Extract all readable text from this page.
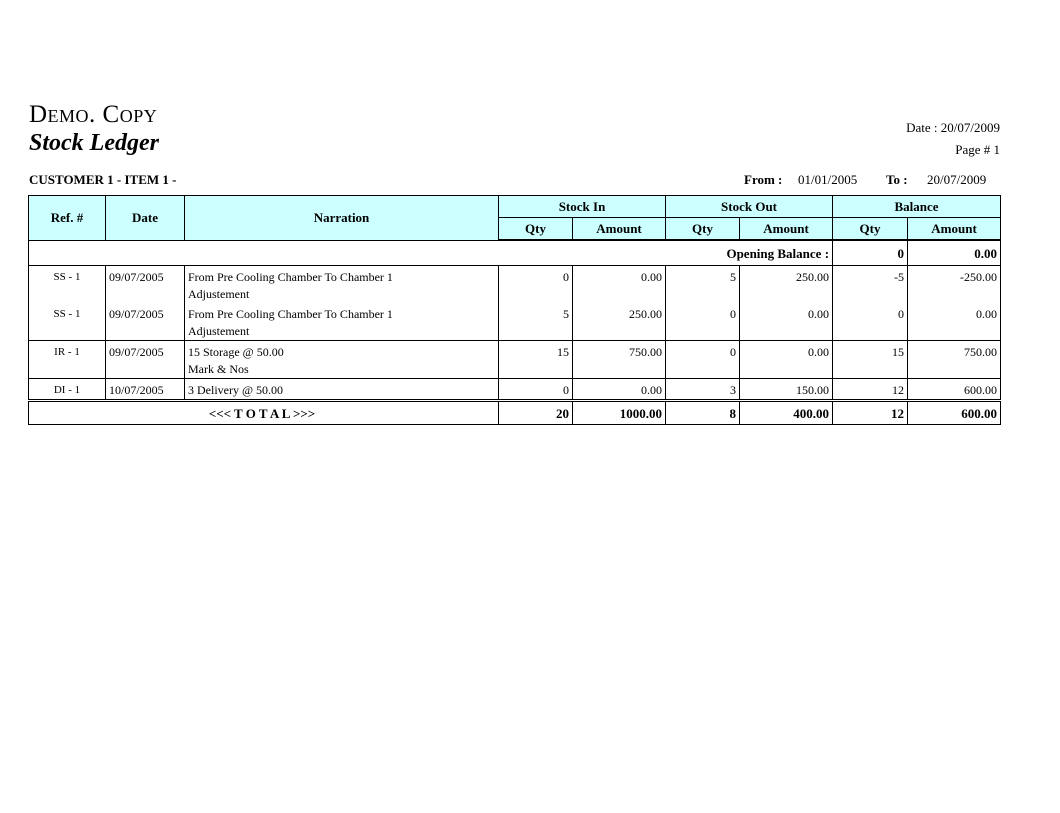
Demo. Copy
Stock Ledger
Date : 20/07/2009
Page # 1
CUSTOMER 1 - ITEM 1 -	From : 01/01/2005 To : 20/07/2009
Ref. #	Date	Narration	Stock In		Stock Out		Balance	
			Qty	Amount	Qty	Amount	Qty	Amount
Opening Balance :							0	0.00
SS - 1	09/07/2005	From Pre Cooling Chamber To Chamber 1	0	0.00	5	250.00	-5	-250.00
		Adjustement						
SS - 1	09/07/2005	From Pre Cooling Chamber To Chamber 1	5	250.00	0	0.00	0	0.00
		Adjustement						
IR - 1	09/07/2005	15 Storage @ 50.00	15	750.00	0	0.00	15	750.00
		Mark & Nos						
DI - 1	10/07/2005	3 Delivery @ 50.00	0	0.00	3	150.00	12	600.00
<<< T O T A L >>>			20	1000.00	8	400.00	12	600.00
